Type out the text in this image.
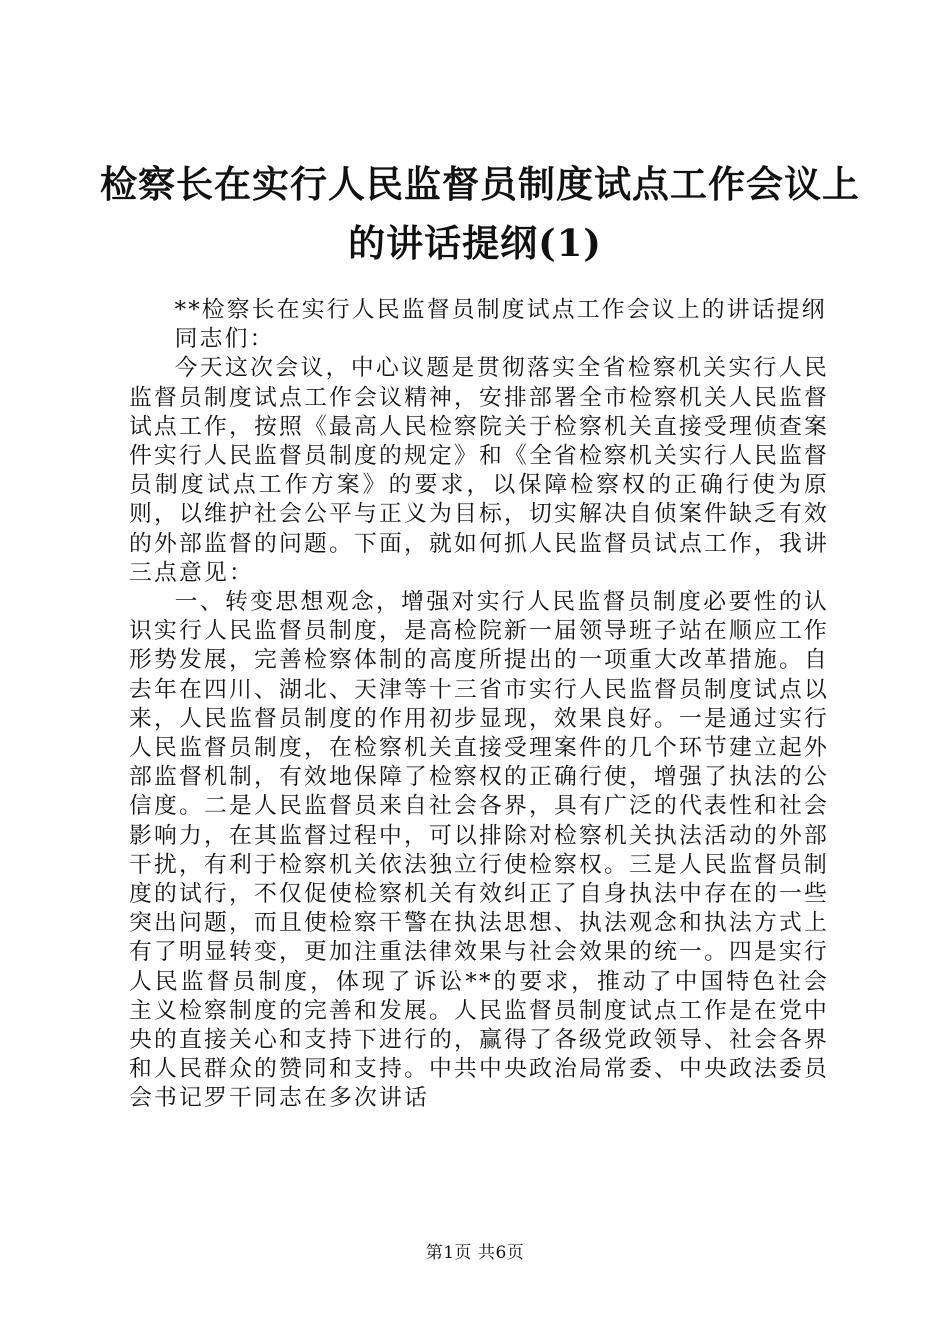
检察长在实行人民监督员制度试点工作会议上
的讲话提纲(1)

**检察长在实行人民监督员制度试点工作会议上的讲话提纲

同志们：

今天这次会议，中心议题是贯彻落实全省检察机关实行人民监督员制度试点工作会议精神，安排部署全市检察机关人民监督试点工作，按照《最高人民检察院关于检察机关直接受理侦查案件实行人民监督员制度的规定》和《全省检察机关实行人民监督员制度试点工作方案》的要求，以保障检察权的正确行使为原则，以维护社会公平与正义为目标，切实解决自侦案件缺乏有效的外部监督的问题。下面，就如何抓人民监督员试点工作，我讲三点意见：

一、转变思想观念，增强对实行人民监督员制度必要性的认识实行人民监督员制度，是高检院新一届领导班子站在顺应工作形势发展，完善检察体制的高度所提出的一项重大改革措施。自去年在四川、湖北、天津等十三省市实行人民监督员制度试点以来，人民监督员制度的作用初步显现，效果良好。一是通过实行人民监督员制度，在检察机关直接受理案件的几个环节建立起外部监督机制，有效地保障了检察权的正确行使，增强了执法的公信度。二是人民监督员来自社会各界，具有广泛的代表性和社会影响力，在其监督过程中，可以排除对检察机关执法活动的外部干扰，有利于检察机关依法独立行使检察权。三是人民监督员制度的试行，不仅促使检察机关有效纠正了自身执法中存在的一些突出问题，而且使检察干警在执法思想、执法观念和执法方式上有了明显转变，更加注重法律效果与社会效果的统一。四是实行人民监督员制度，体现了诉讼**的要求，推动了中国特色社会主义检察制度的完善和发展。人民监督员制度试点工作是在党中央的直接关心和支持下进行的，赢得了各级党政领导、社会各界和人民群众的赞同和支持。中共中央政治局常委、中央政法委员会书记罗干同志在多次讲话

第1页 共6页
